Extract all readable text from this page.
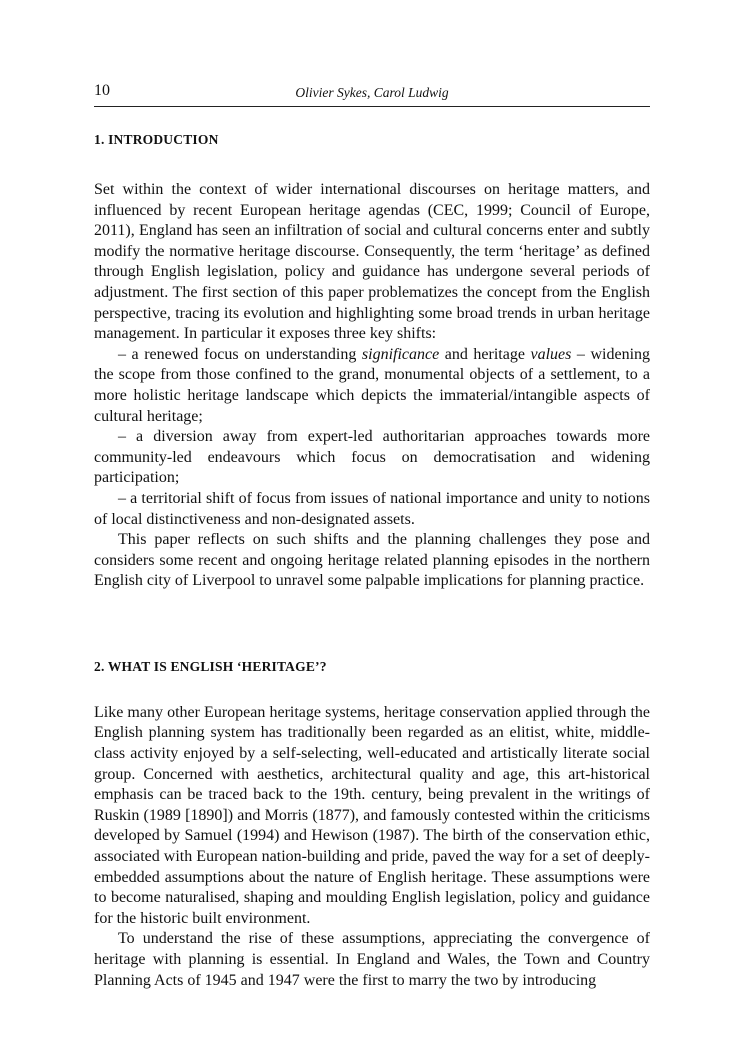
10	Olivier Sykes, Carol Ludwig
1. INTRODUCTION

Set within the context of wider international discourses on heritage matters, and influenced by recent European heritage agendas (CEC, 1999; Council of Europe, 2011), England has seen an infiltration of social and cultural concerns enter and subtly modify the normative heritage discourse. Consequently, the term ‘heritage’ as defined through English legislation, policy and guidance has undergone several periods of adjustment. The first section of this paper problematizes the concept from the English perspective, tracing its evolution and highlighting some broad trends in urban heritage management. In particular it exposes three key shifts:

– a renewed focus on understanding significance and heritage values – widening the scope from those confined to the grand, monumental objects of a settlement, to a more holistic heritage landscape which depicts the immaterial/intangible aspects of cultural heritage;

– a diversion away from expert-led authoritarian approaches towards more community-led endeavours which focus on democratisation and widening participation;

– a territorial shift of focus from issues of national importance and unity to notions of local distinctiveness and non-designated assets.

This paper reflects on such shifts and the planning challenges they pose and considers some recent and ongoing heritage related planning episodes in the northern English city of Liverpool to unravel some palpable implications for planning practice.

2. WHAT IS ENGLISH ‘HERITAGE’?

Like many other European heritage systems, heritage conservation applied through the English planning system has traditionally been regarded as an elitist, white, middle-class activity enjoyed by a self-selecting, well-educated and artistically literate social group. Concerned with aesthetics, architectural quality and age, this art-historical emphasis can be traced back to the 19th. century, being prevalent in the writings of Ruskin (1989 [1890]) and Morris (1877), and famously contested within the criticisms developed by Samuel (1994) and Hewison (1987). The birth of the conservation ethic, associated with European nation-building and pride, paved the way for a set of deeply-embedded assumptions about the nature of English heritage. These assumptions were to become naturalised, shaping and moulding English legislation, policy and guidance for the historic built environment.

To understand the rise of these assumptions, appreciating the convergence of heritage with planning is essential. In England and Wales, the Town and Country Planning Acts of 1945 and 1947 were the first to marry the two by introducing
